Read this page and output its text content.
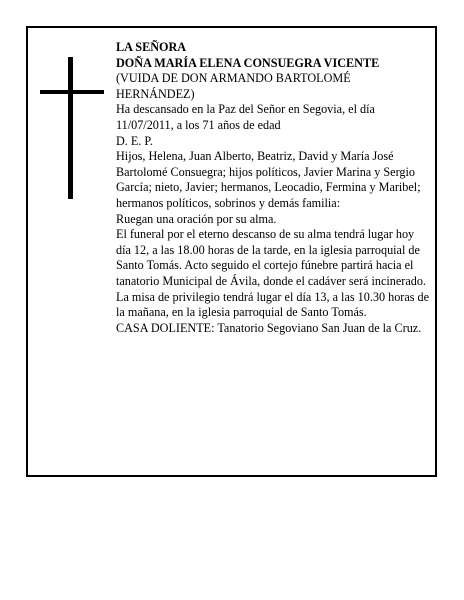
LA SEÑORA

DOÑA MARÍA ELENA CONSUEGRA VICENTE

(VUIDA DE DON ARMANDO BARTOLOMÉ HERNÁNDEZ)

Ha descansado en la Paz del Señor en Segovia, el día 11/07/2011, a los 71 años de edad

D. E. P.

Hijos, Helena, Juan Alberto, Beatriz, David y María José Bartolomé Consuegra; hijos políticos, Javier Marina y Sergio García; nieto, Javier; hermanos, Leocadio, Fermina y Maribel; hermanos políticos, sobrinos y demás familia:

Ruegan una oración por su alma.

El funeral por el eterno descanso de su alma tendrá lugar hoy día 12, a las 18.00 horas de la tarde, en la iglesia parroquial de Santo Tomás. Acto seguido el cortejo fúnebre partirá hacia el tanatorio Municipal de Ávila, donde el cadáver será incinerado.

La misa de privilegio tendrá lugar el día 13, a las 10.30 horas de la mañana, en la iglesia parroquial de Santo Tomás.

CASA DOLIENTE: Tanatorio Segoviano San Juan de la Cruz.
